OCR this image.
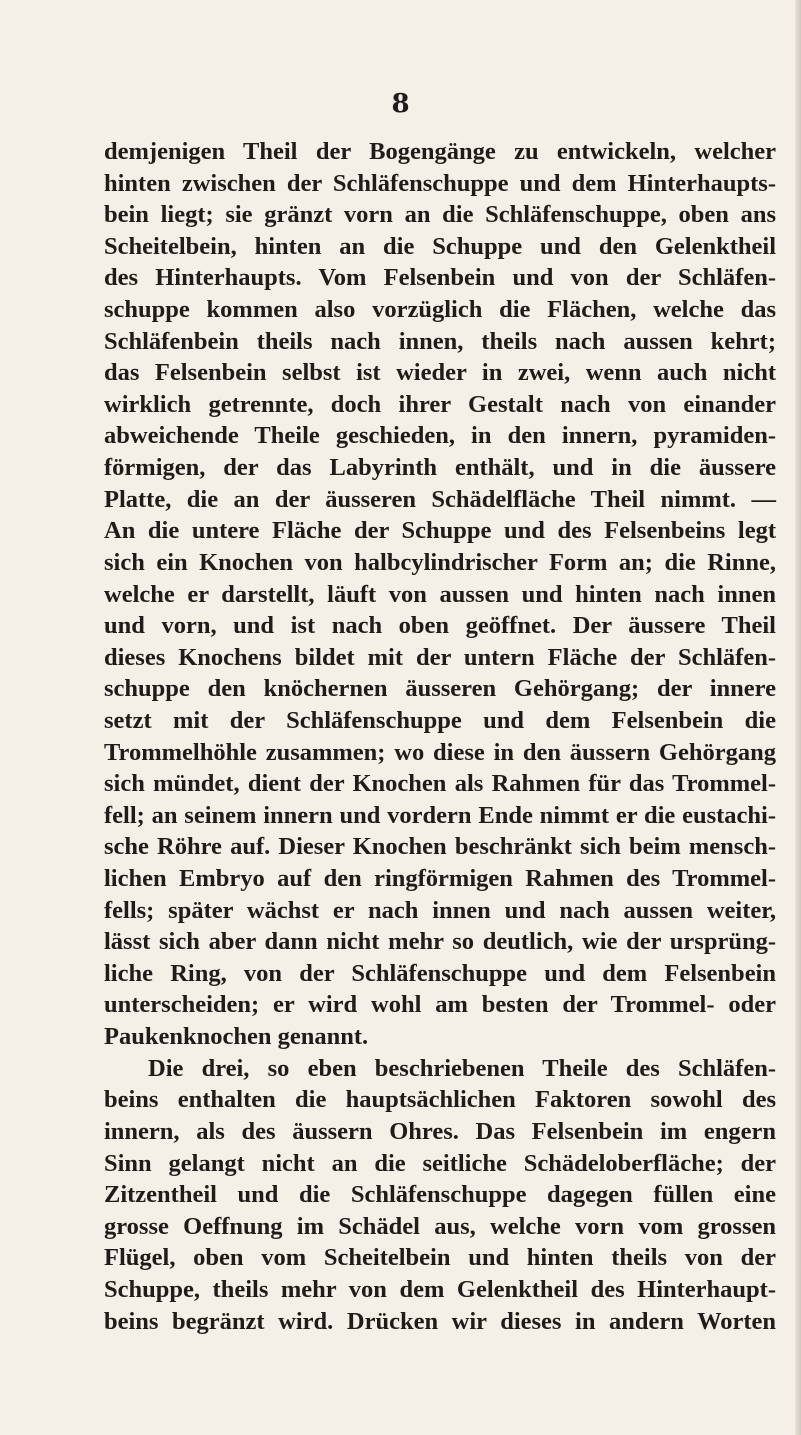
8
demjenigen Theil der Bogengänge zu entwickeln, welcher
hinten zwischen der Schläfenschuppe und dem Hinterhaupts-
bein liegt; sie gränzt vorn an die Schläfenschuppe, oben ans
Scheitelbein, hinten an die Schuppe und den Gelenktheil
des Hinterhaupts. Vom Felsenbein und von der Schläfen-
schuppe kommen also vorzüglich die Flächen, welche das
Schläfenbein theils nach innen, theils nach aussen kehrt;
das Felsenbein selbst ist wieder in zwei, wenn auch nicht
wirklich getrennte, doch ihrer Gestalt nach von einander
abweichende Theile geschieden, in den innern, pyramiden-
förmigen, der das Labyrinth enthält, und in die äussere
Platte, die an der äusseren Schädelfläche Theil nimmt. —
An die untere Fläche der Schuppe und des Felsenbeins legt
sich ein Knochen von halbcylindrischer Form an; die Rinne,
welche er darstellt, läuft von aussen und hinten nach innen
und vorn, und ist nach oben geöffnet. Der äussere Theil
dieses Knochens bildet mit der untern Fläche der Schläfen-
schuppe den knöchernen äusseren Gehörgang; der innere
setzt mit der Schläfenschuppe und dem Felsenbein die
Trommelhöhle zusammen; wo diese in den äussern Gehörgang
sich mündet, dient der Knochen als Rahmen für das Trommel-
fell; an seinem innern und vordern Ende nimmt er die eustachi-
sche Röhre auf. Dieser Knochen beschränkt sich beim mensch-
lichen Embryo auf den ringförmigen Rahmen des Trommel-
fells; später wächst er nach innen und nach aussen weiter,
lässt sich aber dann nicht mehr so deutlich, wie der ursprüng-
liche Ring, von der Schläfenschuppe und dem Felsenbein
unterscheiden; er wird wohl am besten der Trommel- oder
Paukenknochen genannt.
Die drei, so eben beschriebenen Theile des Schläfen-
beins enthalten die hauptsächlichen Faktoren sowohl des
innern, als des äussern Ohres. Das Felsenbein im engern
Sinn gelangt nicht an die seitliche Schädeloberfläche; der
Zitzentheil und die Schläfenschuppe dagegen füllen eine
grosse Oeffnung im Schädel aus, welche vorn vom grossen
Flügel, oben vom Scheitelbein und hinten theils von der
Schuppe, theils mehr von dem Gelenktheil des Hinterhaupt-
beins begränzt wird. Drücken wir dieses in andern Worten
